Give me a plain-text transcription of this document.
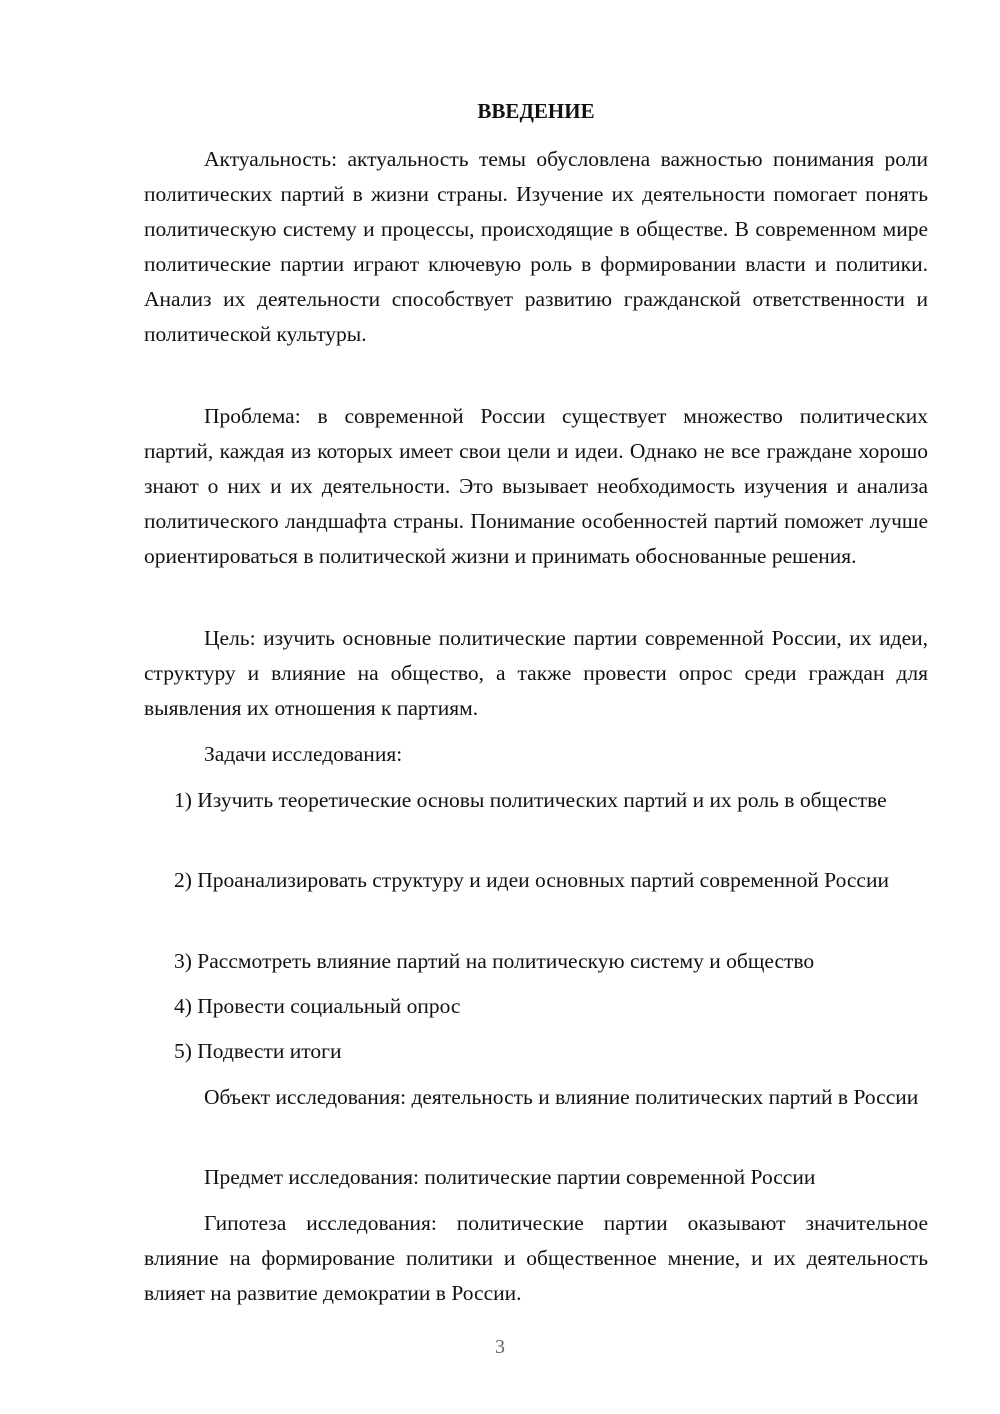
ВВЕДЕНИЕ

Актуальность: актуальность темы обусловлена важностью понимания роли политических партий в жизни страны. Изучение их деятельности помогает понять политическую систему и процессы, происходящие в обществе. В современном мире политические партии играют ключевую роль в формировании власти и политики. Анализ их деятельности способствует развитию гражданской ответственности и политической культуры.

Проблема: в современной России существует множество политических партий, каждая из которых имеет свои цели и идеи. Однако не все граждане хорошо знают о них и их деятельности. Это вызывает необходимость изучения и анализа политического ландшафта страны. Понимание особенностей партий поможет лучше ориентироваться в политической жизни и принимать обоснованные решения.

Цель: изучить основные политические партии современной России, их идеи, структуру и влияние на общество, а также провести опрос среди граждан для выявления их отношения к партиям.

Задачи исследования:

1) Изучить теоретические основы политических партий и их роль в обществе

2) Проанализировать структуру и идеи основных партий современной России

3) Рассмотреть влияние партий на политическую систему и общество

4) Провести социальный опрос

5) Подвести итоги

Объект исследования: деятельность и влияние политических партий в России

Предмет исследования: политические партии современной России

Гипотеза исследования: политические партии оказывают значительное влияние на формирование политики и общественное мнение, и их деятельность влияет на развитие демократии в России.

3
